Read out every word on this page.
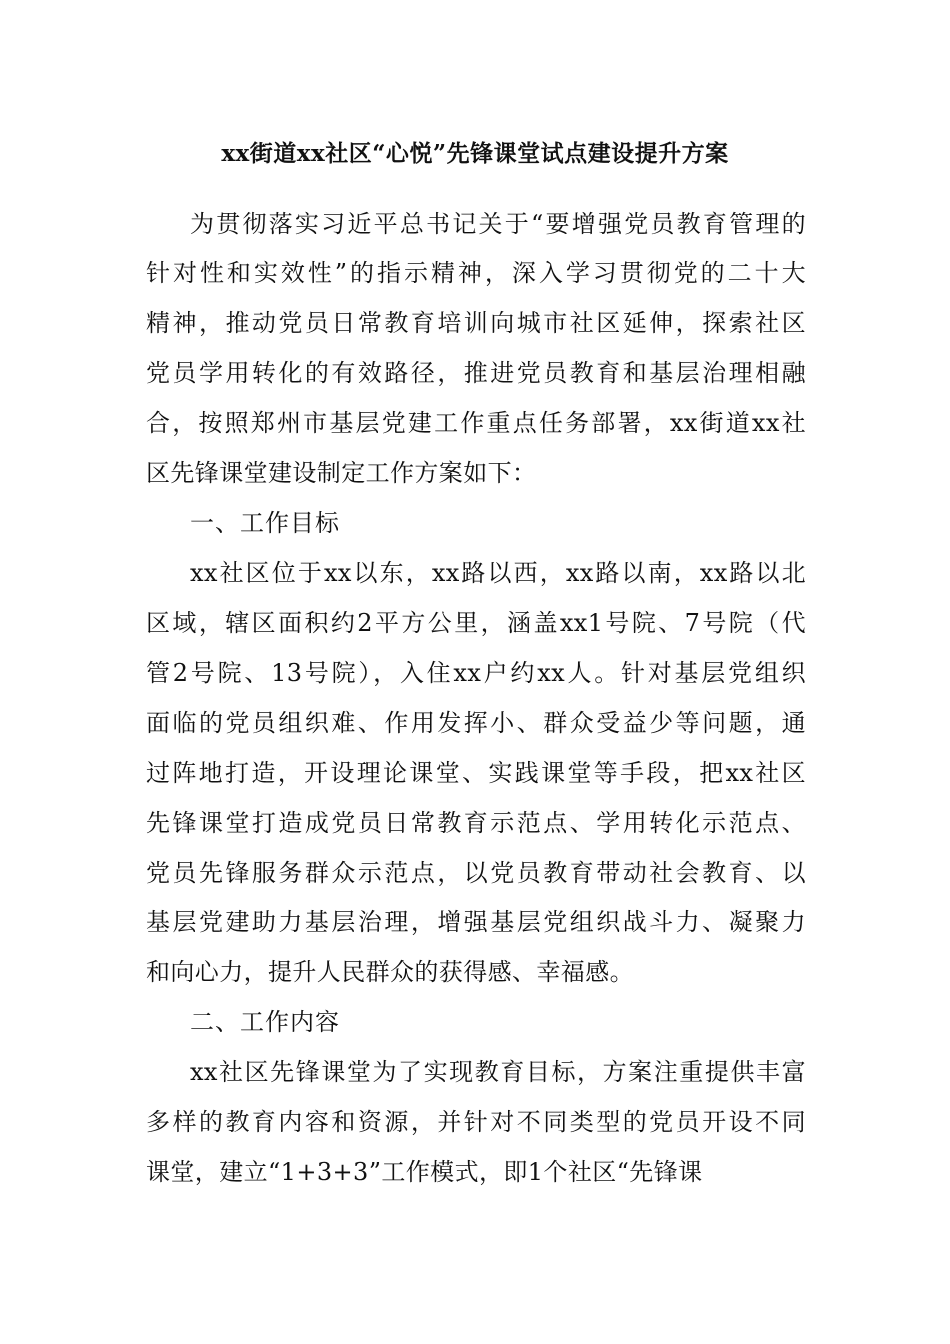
xx街道xx社区“心悦”先锋课堂试点建设提升方案
为贯彻落实习近平总书记关于“要增强党员教育管理的
针对性和实效性”的指示精神，深入学习贯彻党的二十大
精神，推动党员日常教育培训向城市社区延伸，探索社区
党员学用转化的有效路径，推进党员教育和基层治理相融
合，按照郑州市基层党建工作重点任务部署，xx街道xx社
区先锋课堂建设制定工作方案如下：
一、工作目标
xx社区位于xx以东，xx路以西，xx路以南，xx路以北
区域，辖区面积约2平方公里，涵盖xx1号院、7号院（代
管2号院、13号院），入住xx户约xx人。针对基层党组织
面临的党员组织难、作用发挥小、群众受益少等问题，通
过阵地打造，开设理论课堂、实践课堂等手段，把xx社区
先锋课堂打造成党员日常教育示范点、学用转化示范点、
党员先锋服务群众示范点，以党员教育带动社会教育、以
基层党建助力基层治理，增强基层党组织战斗力、凝聚力
和向心力，提升人民群众的获得感、幸福感。
二、工作内容
xx社区先锋课堂为了实现教育目标，方案注重提供丰富
多样的教育内容和资源，并针对不同类型的党员开设不同
课堂，建立“1+3+3”工作模式，即1个社区“先锋课
